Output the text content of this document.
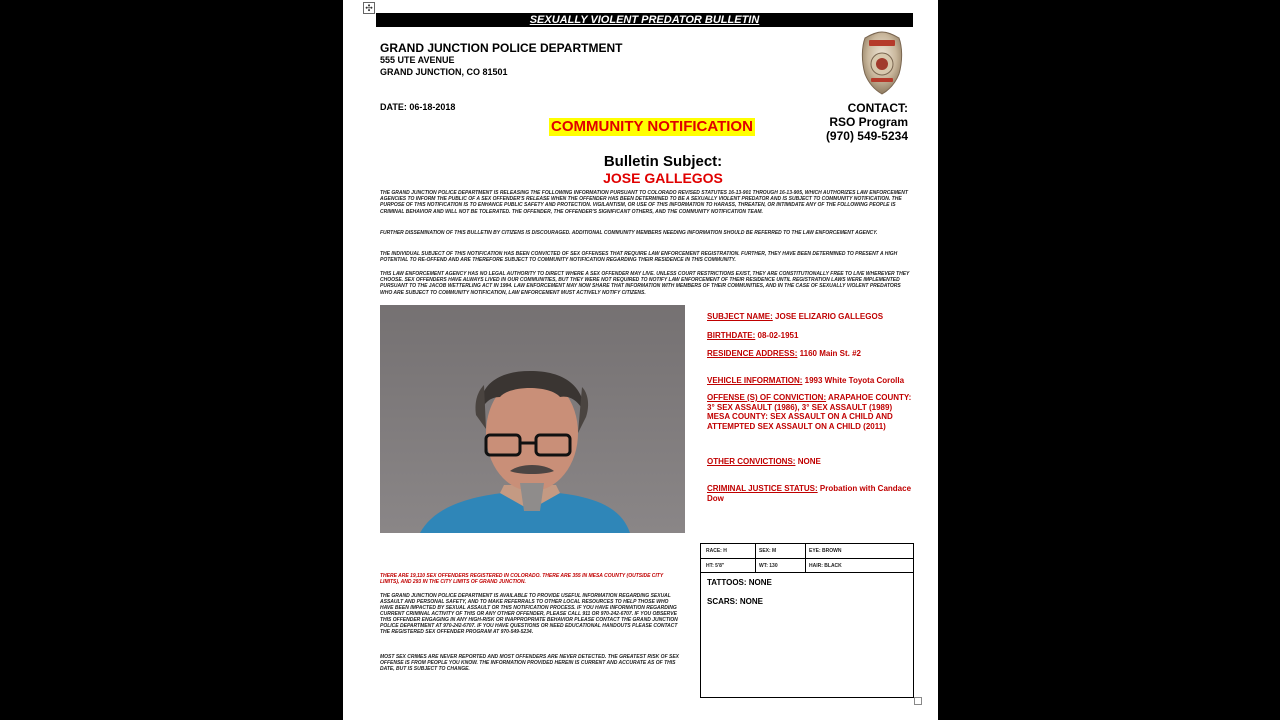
✣
SEXUALLY VIOLENT PREDATOR BULLETIN
GRAND JUNCTION POLICE DEPARTMENT
555 UTE AVENUE
GRAND JUNCTION, CO 81501
DATE: 06-18-2018	CONTACT:
RSO Program
(970) 549-5234
COMMUNITY NOTIFICATION
Bulletin Subject:
JOSE GALLEGOS
THE GRAND JUNCTION POLICE DEPARTMENT IS RELEASING THE FOLLOWING INFORMATION PURSUANT TO COLORADO REVISED STATUTES 16-13-901 THROUGH 16-13-905, WHICH AUTHORIZES LAW ENFORCEMENT AGENCIES TO INFORM THE PUBLIC OF A SEX OFFENDER'S RELEASE WHEN THE OFFENDER HAS BEEN DETERMINED TO BE A SEXUALLY VIOLENT PREDATOR AND IS SUBJECT TO COMMUNITY NOTIFICATION. THE PURPOSE OF THIS NOTIFICATION IS TO ENHANCE PUBLIC SAFETY AND PROTECTION. VIGILANTISM, OR USE OF THIS INFORMATION TO HARASS, THREATEN, OR INTIMIDATE ANY OF THE FOLLOWING PEOPLE IS CRIMINAL BEHAVIOR AND WILL NOT BE TOLERATED. THE OFFENDER, THE OFFENDER'S SIGNIFICANT OTHERS, AND THE COMMUNITY NOTIFICATION TEAM.
FURTHER DISSEMINATION OF THIS BULLETIN BY CITIZENS IS DISCOURAGED. ADDITIONAL COMMUNITY MEMBERS NEEDING INFORMATION SHOULD BE REFERRED TO THE LAW ENFORCEMENT AGENCY.
THE INDIVIDUAL SUBJECT OF THIS NOTIFICATION HAS BEEN CONVICTED OF SEX OFFENSES THAT REQUIRE LAW ENFORCEMENT REGISTRATION. FURTHER, THEY HAVE BEEN DETERMINED TO PRESENT A HIGH POTENTIAL TO RE-OFFEND AND ARE THEREFORE SUBJECT TO COMMUNITY NOTIFICATION REGARDING THEIR RESIDENCE IN THIS COMMUNITY.
THIS LAW ENFORCEMENT AGENCY HAS NO LEGAL AUTHORITY TO DIRECT WHERE A SEX OFFENDER MAY LIVE. UNLESS COURT RESTRICTIONS EXIST, THEY ARE CONSTITUTIONALLY FREE TO LIVE WHEREVER THEY CHOOSE. SEX OFFENDERS HAVE ALWAYS LIVED IN OUR COMMUNITIES, BUT THEY WERE NOT REQUIRED TO NOTIFY LAW ENFORCEMENT OF THEIR RESIDENCE UNTIL REGISTRATION LAWS WERE IMPLEMENTED PURSUANT TO THE JACOB WETTERLING ACT IN 1994. LAW ENFORCEMENT MAY NOW SHARE THAT INFORMATION WITH MEMBERS OF THEIR COMMUNITIES, AND IN THE CASE OF SEXUALLY VIOLENT PREDATORS WHO ARE SUBJECT TO COMMUNITY NOTIFICATION, LAW ENFORCEMENT MUST ACTIVELY NOTIFY CITIZENS.
SUBJECT NAME: JOSE ELIZARIO GALLEGOS
BIRTHDATE: 08-02-1951
RESIDENCE ADDRESS: 1160 Main St. #2
VEHICLE INFORMATION: 1993 White Toyota Corolla
OFFENSE (S) OF CONVICTION: ARAPAHOE COUNTY: 3° SEX ASSAULT (1986), 3° SEX ASSAULT (1989)
MESA COUNTY: SEX ASSAULT ON A CHILD AND ATTEMPTED SEX ASSAULT ON A CHILD (2011)
OTHER CONVICTIONS: NONE
CRIMINAL JUSTICE STATUS: Probation with Candace Dow
RACE: H	SEX: M	EYE: BROWN
HT: 5'8"	WT: 130	HAIR: BLACK
TATTOOS: NONE
SCARS: NONE
THERE ARE 19,110 SEX OFFENDERS REGISTERED IN COLORADO. THERE ARE 355 IN MESA COUNTY (OUTSIDE CITY LIMITS), AND 293 IN THE CITY LIMITS OF GRAND JUNCTION.
THE GRAND JUNCTION POLICE DEPARTMENT IS AVAILABLE TO PROVIDE USEFUL INFORMATION REGARDING SEXUAL ASSAULT AND PERSONAL SAFETY, AND TO MAKE REFERRALS TO OTHER LOCAL RESOURCES TO HELP THOSE WHO HAVE BEEN IMPACTED BY SEXUAL ASSAULT OR THIS NOTIFICATION PROCESS. IF YOU HAVE INFORMATION REGARDING CURRENT CRIMINAL ACTIVITY OF THIS OR ANY OTHER OFFENDER, PLEASE CALL 911 OR 970-242-6707. IF YOU OBSERVE THIS OFFENDER ENGAGING IN ANY HIGH-RISK OR INAPPROPRIATE BEHAVIOR PLEASE CONTACT THE GRAND JUNCTION POLICE DEPARTMENT AT 970-242-6707. IF YOU HAVE QUESTIONS OR NEED EDUCATIONAL HANDOUTS PLEASE CONTACT THE REGISTERED SEX OFFENDER PROGRAM AT 970-549-5234.
MOST SEX CRIMES ARE NEVER REPORTED AND MOST OFFENDERS ARE NEVER DETECTED. THE GREATEST RISK OF SEX OFFENSE IS FROM PEOPLE YOU KNOW. THE INFORMATION PROVIDED HEREIN IS CURRENT AND ACCURATE AS OF THIS DATE, BUT IS SUBJECT TO CHANGE.
